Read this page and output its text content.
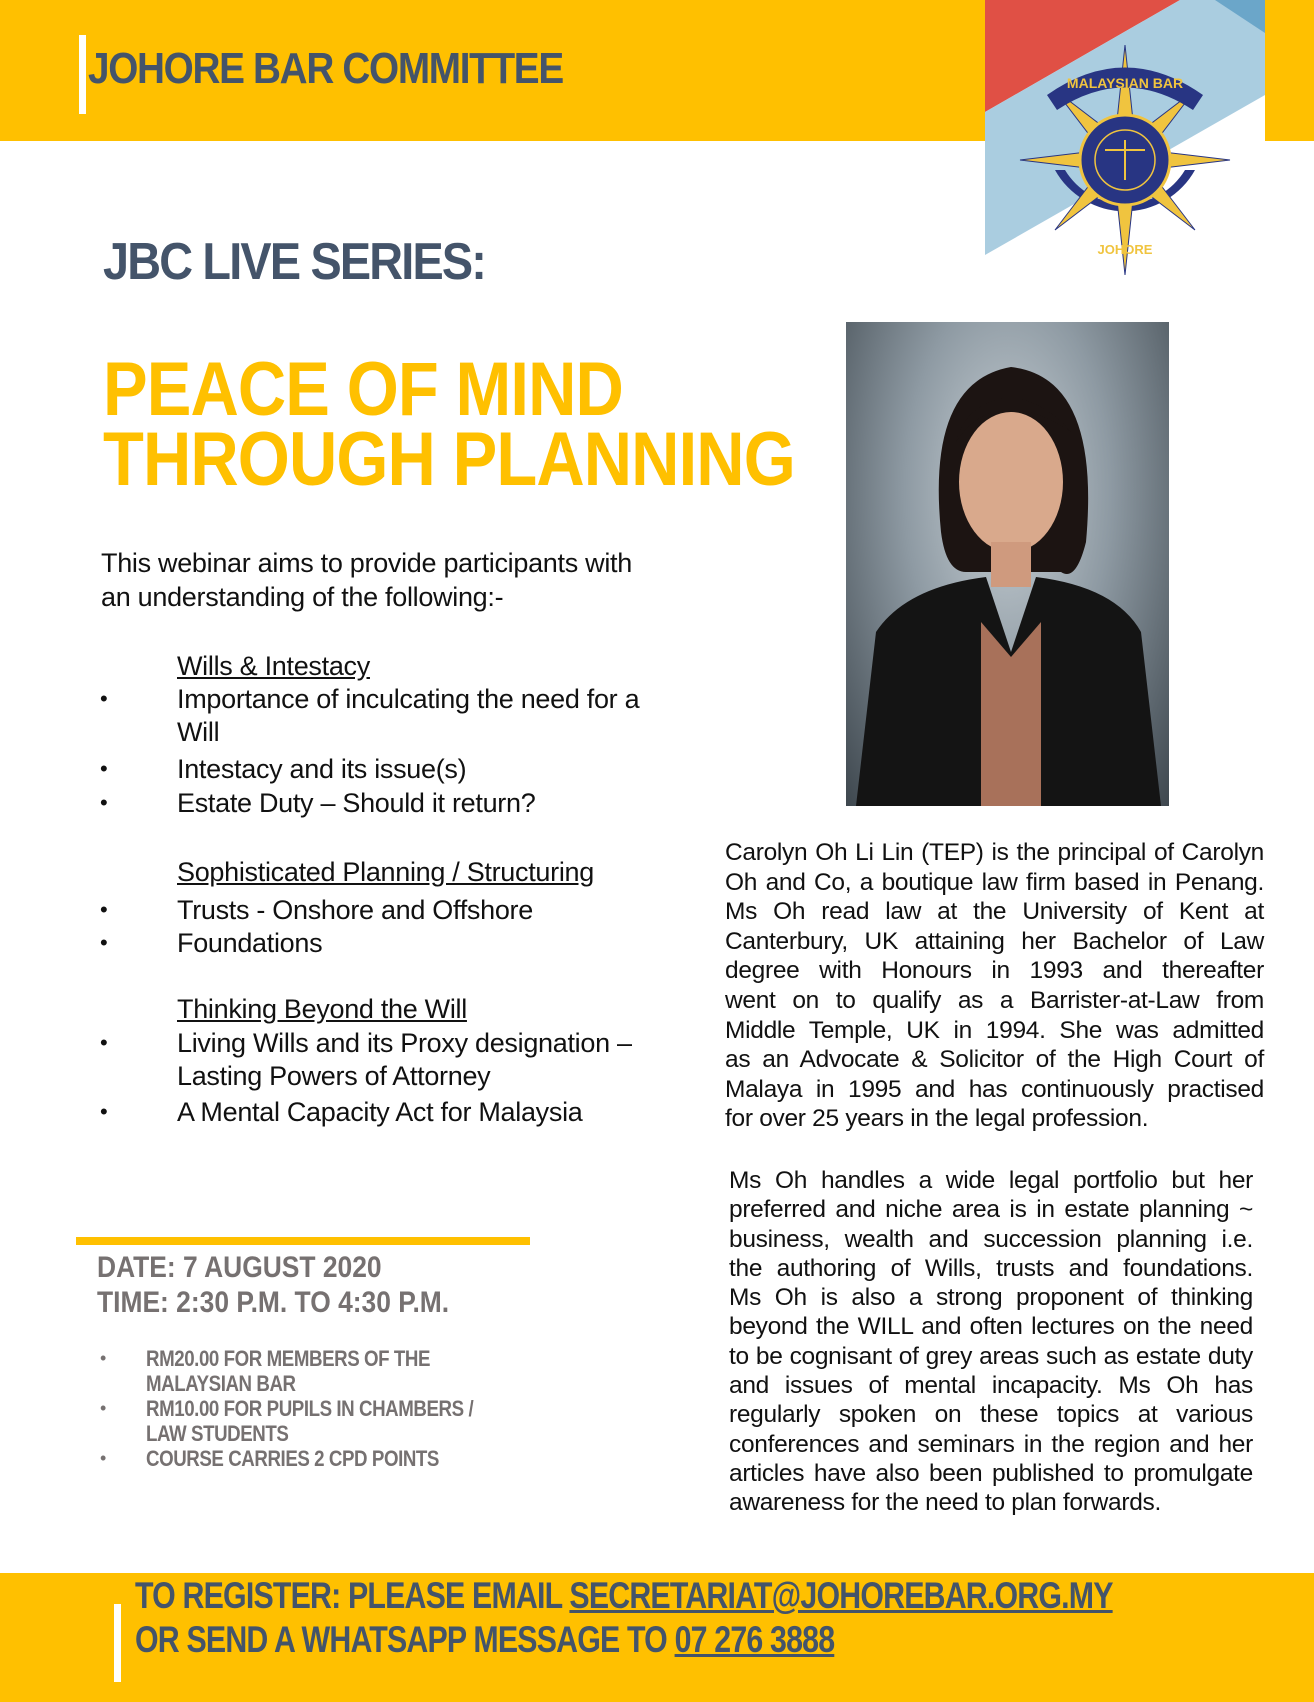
JOHORE BAR COMMITTEE	MALAYSIAN BAR
JOHORE
JBC LIVE SERIES:
PEACE OF MIND
THROUGH PLANNING
This webinar aims to provide participants with
an understanding of the following:-
Wills & Intestacy
•	Importance of inculcating the need for a
Will
•	Intestacy and its issue(s)
•	Estate Duty – Should it return?
Sophisticated Planning / Structuring
•	Trusts - Onshore and Offshore
•	Foundations
Thinking Beyond the Will
•	Living Wills and its Proxy designation –
Lasting Powers of Attorney
•	A Mental Capacity Act for Malaysia
Carolyn Oh Li Lin (TEP) is the principal of Carolyn
Oh and Co, a boutique law firm based in Penang.
Ms Oh read law at the University of Kent at
Canterbury, UK attaining her Bachelor of Law
degree with Honours in 1993 and thereafter
went on to qualify as a Barrister-at-Law from
Middle Temple, UK in 1994. She was admitted
as an Advocate & Solicitor of the High Court of
Malaya in 1995 and has continuously practised
for over 25 years in the legal profession.
Ms Oh handles a wide legal portfolio but her
preferred and niche area is in estate planning ~
business, wealth and succession planning i.e.
the authoring of Wills, trusts and foundations.
Ms Oh is also a strong proponent of thinking
beyond the WILL and often lectures on the need
to be cognisant of grey areas such as estate duty
and issues of mental incapacity. Ms Oh has
regularly spoken on these topics at various
conferences and seminars in the region and her
articles have also been published to promulgate
awareness for the need to plan forwards.
DATE: 7 AUGUST 2020
TIME: 2:30 P.M. TO 4:30 P.M.
• RM20.00 FOR MEMBERS OF THE
MALAYSIAN BAR
• RM10.00 FOR PUPILS IN CHAMBERS /
LAW STUDENTS
• COURSE CARRIES 2 CPD POINTS
TO REGISTER: PLEASE EMAIL SECRETARIAT@JOHOREBAR.ORG.MY
OR SEND A WHATSAPP MESSAGE TO 07 276 3888
